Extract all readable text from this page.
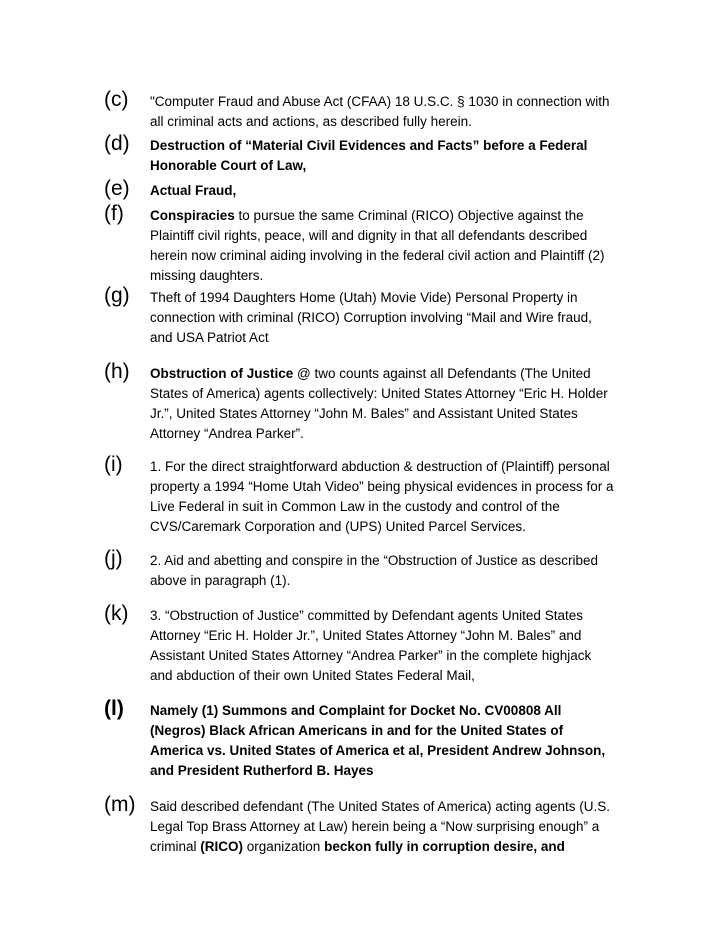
(c) "Computer Fraud and Abuse Act (CFAA) 18 U.S.C. § 1030 in connection with
all criminal acts and actions, as described fully herein.
(d) Destruction of “Material Civil Evidences and Facts” before a Federal
Honorable Court of Law,
(e) Actual Fraud,
(f) Conspiracies to pursue the same Criminal (RICO) Objective against the
Plaintiff civil rights, peace, will and dignity in that all defendants described
herein now criminal aiding involving in the federal civil action and Plaintiff (2)
missing daughters.
(g) Theft of 1994 Daughters Home (Utah) Movie Vide) Personal Property in
connection with criminal (RICO) Corruption involving “Mail and Wire fraud,
and USA Patriot Act
(h) Obstruction of Justice @ two counts against all Defendants (The United
States of America) agents collectively: United States Attorney “Eric H. Holder
Jr.”, United States Attorney “John M. Bales” and Assistant United States
Attorney “Andrea Parker”.
(i) 1. For the direct straightforward abduction & destruction of (Plaintiff) personal
property a 1994 “Home Utah Video” being physical evidences in process for a
Live Federal in suit in Common Law in the custody and control of the
CVS/Caremark Corporation and (UPS) United Parcel Services.
(j) 2. Aid and abetting and conspire in the “Obstruction of Justice as described
above in paragraph (1).
(k) 3. “Obstruction of Justice” committed by Defendant agents United States
Attorney “Eric H. Holder Jr.”, United States Attorney “John M. Bales” and
Assistant United States Attorney “Andrea Parker” in the complete highjack
and abduction of their own United States Federal Mail,
(l) Namely (1) Summons and Complaint for Docket No. CV00808 All
(Negros) Black African Americans in and for the United States of
America vs. United States of America et al, President Andrew Johnson,
and President Rutherford B. Hayes
(m) Said described defendant (The United States of America) acting agents (U.S.
Legal Top Brass Attorney at Law) herein being a “Now surprising enough” a
criminal (RICO) organization beckon fully in corruption desire, and
